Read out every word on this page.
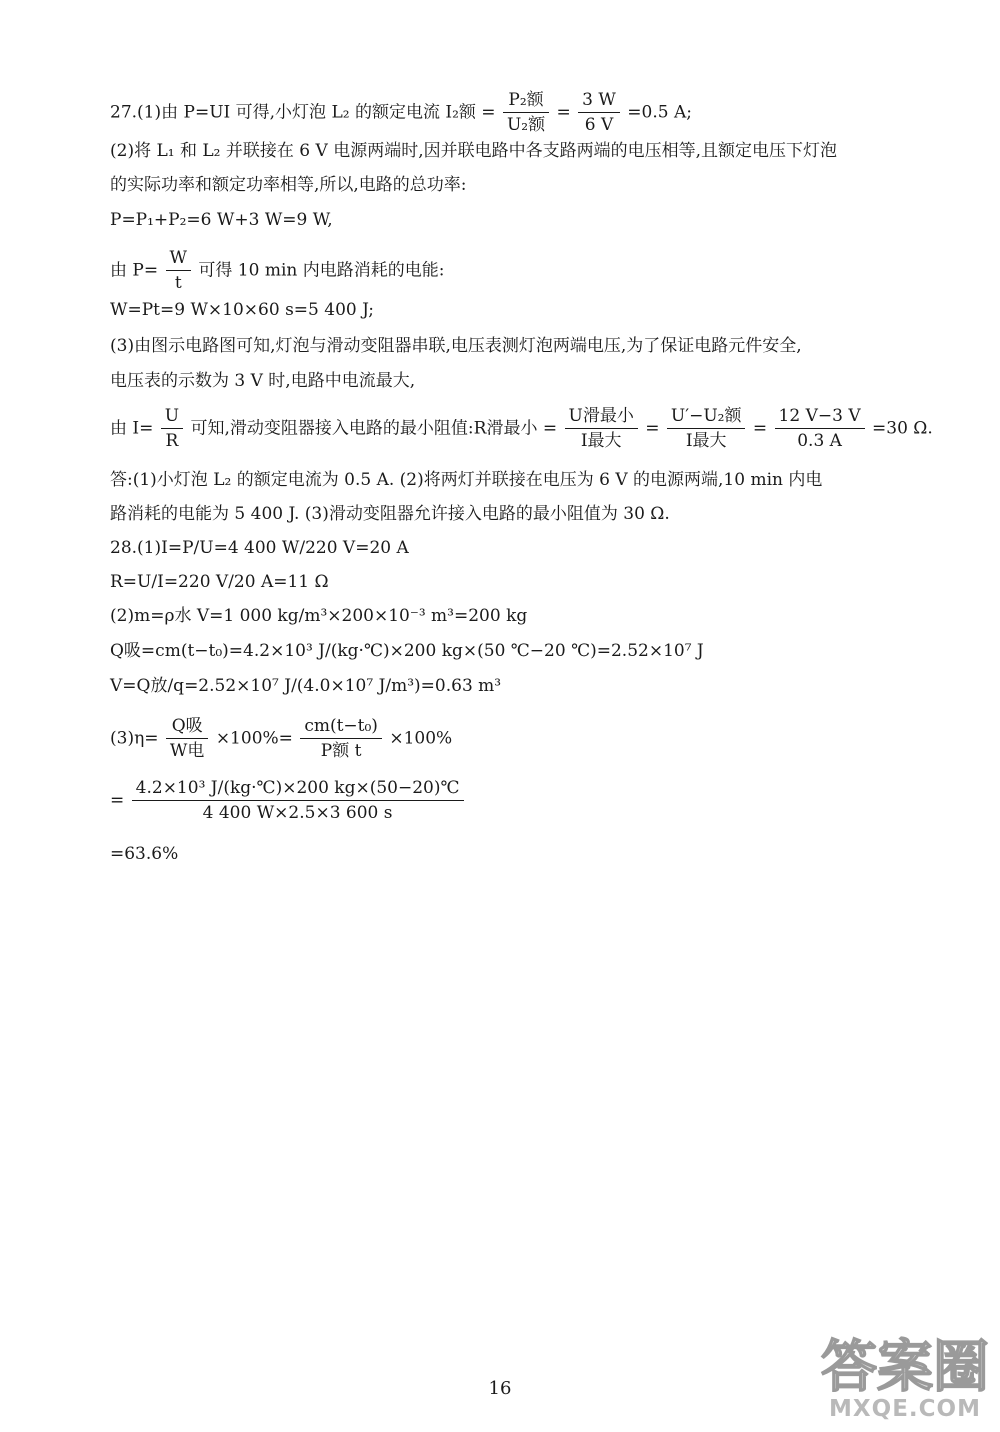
27.(1)由 P=UI 可得,小灯泡 L₂ 的额定电流 I₂额 = $\frac{\text{P₂额}}{\text{U₂额}} = \frac{3 W}{6 V} =0.5$ A;
(2)将 L₁ 和 L₂ 并联接在 6 V 电源两端时,因并联电路中各支路两端的电压相等,且额定电压下灯泡
的实际功率和额定功率相等,所以,电路的总功率:
P=P₁+P₂=6 W+3 W=9 W,
由 $P= \frac{W}{t}$ 可得 10 min 内电路消耗的电能:
W=Pt=9 W×10×60 s=5 400 J;
(3)由图示电路图可知,灯泡与滑动变阻器串联,电压表测灯泡两端电压,为了保证电路元件安全,
电压表的示数为 3 V 时,电路中电流最大,
由 $I= \frac{U}{R}$ 可知,滑动变阻器接入电路的最小阻值:R滑最小 = $\frac{\text{U滑最小}}{\text{I最大}} = \frac{\text{U′−U₂额}}{\text{I最大}} = \frac{12 V-3 V}{0.3 A} =30$ Ω.
答:(1)小灯泡 L₂ 的额定电流为 0.5 A. (2)将两灯并联接在电压为 6 V 的电源两端,10 min 内电
路消耗的电能为 5 400 J. (3)滑动变阻器允许接入电路的最小阻值为 30 Ω.
28.(1)I=P/U=4 400 W/220 V=20 A
R=U/I=220 V/20 A=11 Ω
(2)m=ρ水 V=1 000 kg/m³×200×10⁻³ m³=200 kg
Q吸=cm(t−t₀)=4.2×10³ J/(kg·℃)×200 kg×(50 ℃−20 ℃)=2.52×10⁷ J
V=Q放/q=2.52×10⁷ J/(4.0×10⁷ J/m³)=0.63 m³
$(3)\eta= \frac{\text{Q吸}}{\text{W电}} \times 100\%= \frac{\text{cm(t−t₀)}}{\text{P额 t}} \times 100\%$
= $\frac{\text{4.2×10³ J/(kg·℃)×200 kg×(50−20)℃}}{4 400 W\times 2.5\times 3 600 s}$
=63.6%
16	答案圈
MXQE.COM
